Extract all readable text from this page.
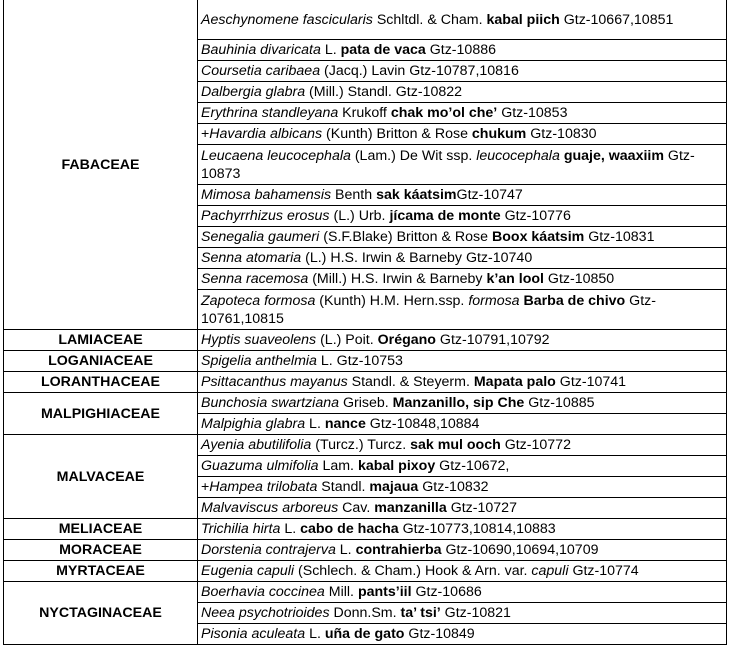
FABACEAE	Aeschynomene fascicularis Schltdl. & Cham. kabal piich Gtz-10667,10851
	Bauhinia divaricata L. pata de vaca Gtz-10886
	Coursetia caribaea (Jacq.) Lavin Gtz-10787,10816
	Dalbergia glabra (Mill.) Standl. Gtz-10822
	Erythrina standleyana Krukoff chak mo’ol che’ Gtz-10853
	+Havardia albicans (Kunth) Britton & Rose chukum Gtz-10830
	Leucaena leucocephala (Lam.) De Wit ssp. leucocephala guaje, waaxiim Gtz-10873
	Mimosa bahamensis Benth sak káatsimGtz-10747
	Pachyrrhizus erosus (L.) Urb. jícama de monte Gtz-10776
	Senegalia gaumeri (S.F.Blake) Britton & Rose Boox káatsim Gtz-10831
	Senna atomaria (L.) H.S. Irwin & Barneby Gtz-10740
	Senna racemosa (Mill.) H.S. Irwin & Barneby k’an lool Gtz-10850
	Zapoteca formosa (Kunth) H.M. Hern.ssp. formosa Barba de chivo Gtz-10761,10815
LAMIACEAE	Hyptis suaveolens (L.) Poit. Orégano Gtz-10791,10792
LOGANIACEAE	Spigelia anthelmia L. Gtz-10753
LORANTHACEAE	Psittacanthus mayanus Standl. & Steyerm. Mapata palo Gtz-10741
MALPIGHIACEAE	Bunchosia swartziana Griseb. Manzanillo, sip Che Gtz-10885
	Malpighia glabra L. nance Gtz-10848,10884
MALVACEAE	Ayenia abutilifolia (Turcz.) Turcz. sak mul ooch Gtz-10772
	Guazuma ulmifolia Lam. kabal pixoy Gtz-10672,
	+Hampea trilobata Standl. majaua Gtz-10832
	Malvaviscus arboreus Cav. manzanilla Gtz-10727
MELIACEAE	Trichilia hirta L. cabo de hacha Gtz-10773,10814,10883
MORACEAE	Dorstenia contrajerva L. contrahierba Gtz-10690,10694,10709
MYRTACEAE	Eugenia capuli (Schlech. & Cham.) Hook & Arn. var. capuli Gtz-10774
NYCTAGINACEAE	Boerhavia coccinea Mill. pants’iil Gtz-10686
	Neea psychotrioides Donn.Sm. ta’ tsi’ Gtz-10821
	Pisonia aculeata L. uña de gato Gtz-10849
